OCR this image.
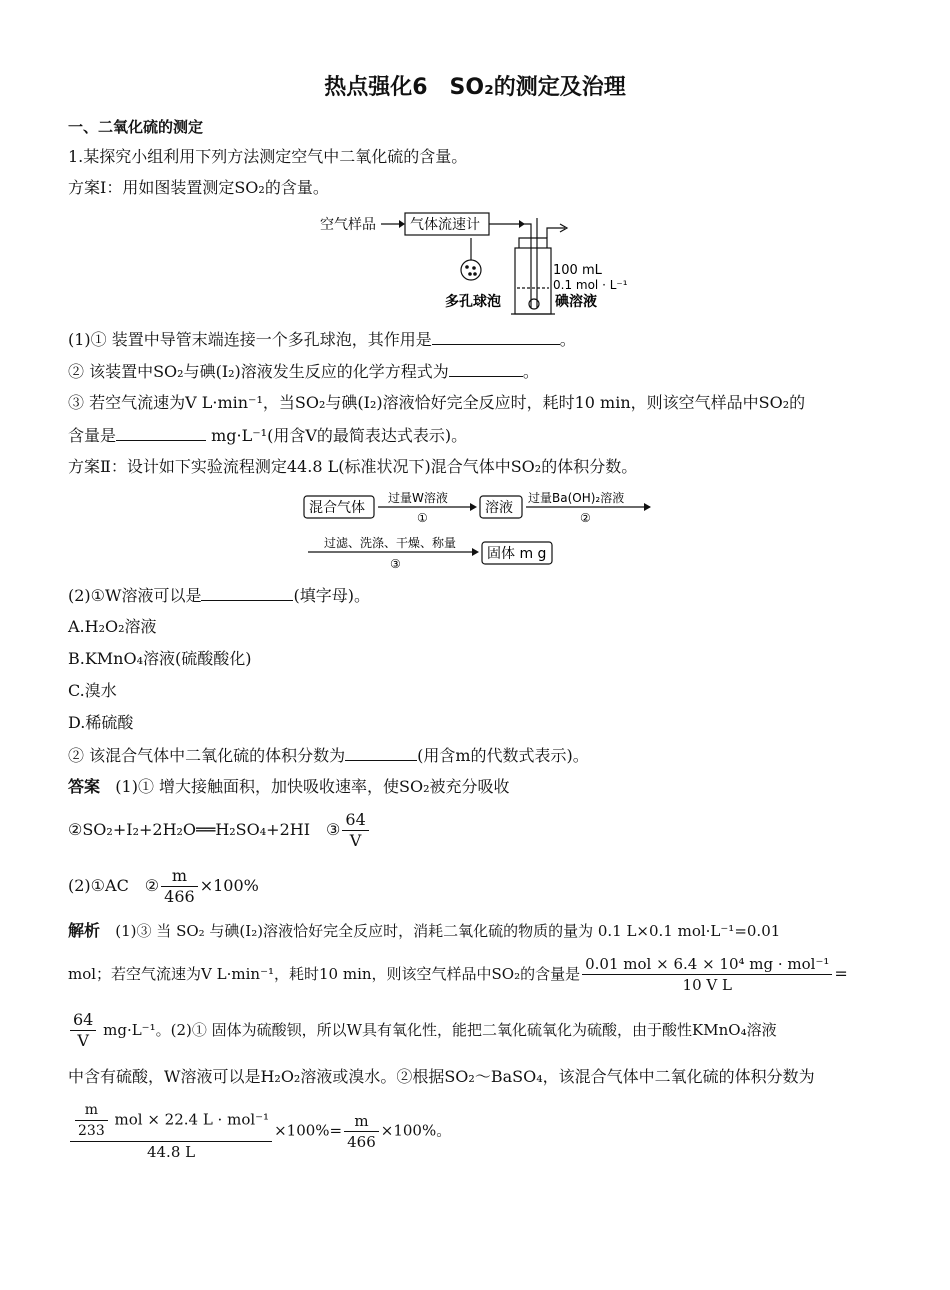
热点强化6　SO₂的测定及治理
一、二氧化硫的测定
1.某探究小组利用下列方法测定空气中二氧化硫的含量。
方案Ⅰ：用如图装置测定SO₂的含量。
空气样品 气体流速计
多孔球泡
100 mL
0.1 mol · L⁻¹
碘溶液
(1)① 装置中导管末端连接一个多孔球泡，其作用是	。
② 该装置中SO₂与碘(I₂)溶液发生反应的化学方程式为	。
③ 若空气流速为V L·min⁻¹，当SO₂与碘(I₂)溶液恰好完全反应时，耗时10 min，则该空气样品中SO₂的
含量是	mg·L⁻¹(用含V的最简表达式表示)。
方案Ⅱ：设计如下实验流程测定44.8 L(标准状况下)混合气体中SO₂的体积分数。
混合气体
过量W溶液
①
溶液
过量Ba(OH)₂溶液
②
过滤、洗涤、干燥、称量
③
固体 m g
(2)①W溶液可以是	(填字母)。
A.H₂O₂溶液
B.KMnO₄溶液(硫酸酸化)
C.溴水
D.稀硫酸
② 该混合气体中二氧化硫的体积分数为	(用含m的代数式表示)。
答案 (1)① 增大接触面积，加快吸收速率，使SO₂被充分吸收
②SO₂+I₂+2H₂O══H₂SO₄+2HI　③ $\frac{64}{V}$
(2)①AC　② $\frac{m}{466} \times 100\%$
解析 (1)③ 当 SO₂ 与碘(I₂)溶液恰好完全反应时，消耗二氧化硫的物质的量为 0.1 L×0.1 mol·L⁻¹=0.01
mol；若空气流速为V L·min⁻¹，耗时10 min，则该空气样品中SO₂的含量是 $\frac{\text{0.01 mol × 6.4 × 10⁴ mg · mol⁻¹}}{\text{10 V L}}$ =
$\frac{64}{V} mg\cdot L^{-1}$。(2)① 固体为硫酸钡，所以W具有氧化性，能把二氧化硫氧化为硫酸，由于酸性KMnO₄溶液
中含有硫酸，W溶液可以是H₂O₂溶液或溴水。②根据SO₂～BaSO₄，该混合气体中二氧化硫的体积分数为
$\frac{\frac{m}{233} mol \times 22.4 L \cdot mol^{-1}}{44.8 L} \times 100\%= \frac{m}{466} \times 100\%$。
